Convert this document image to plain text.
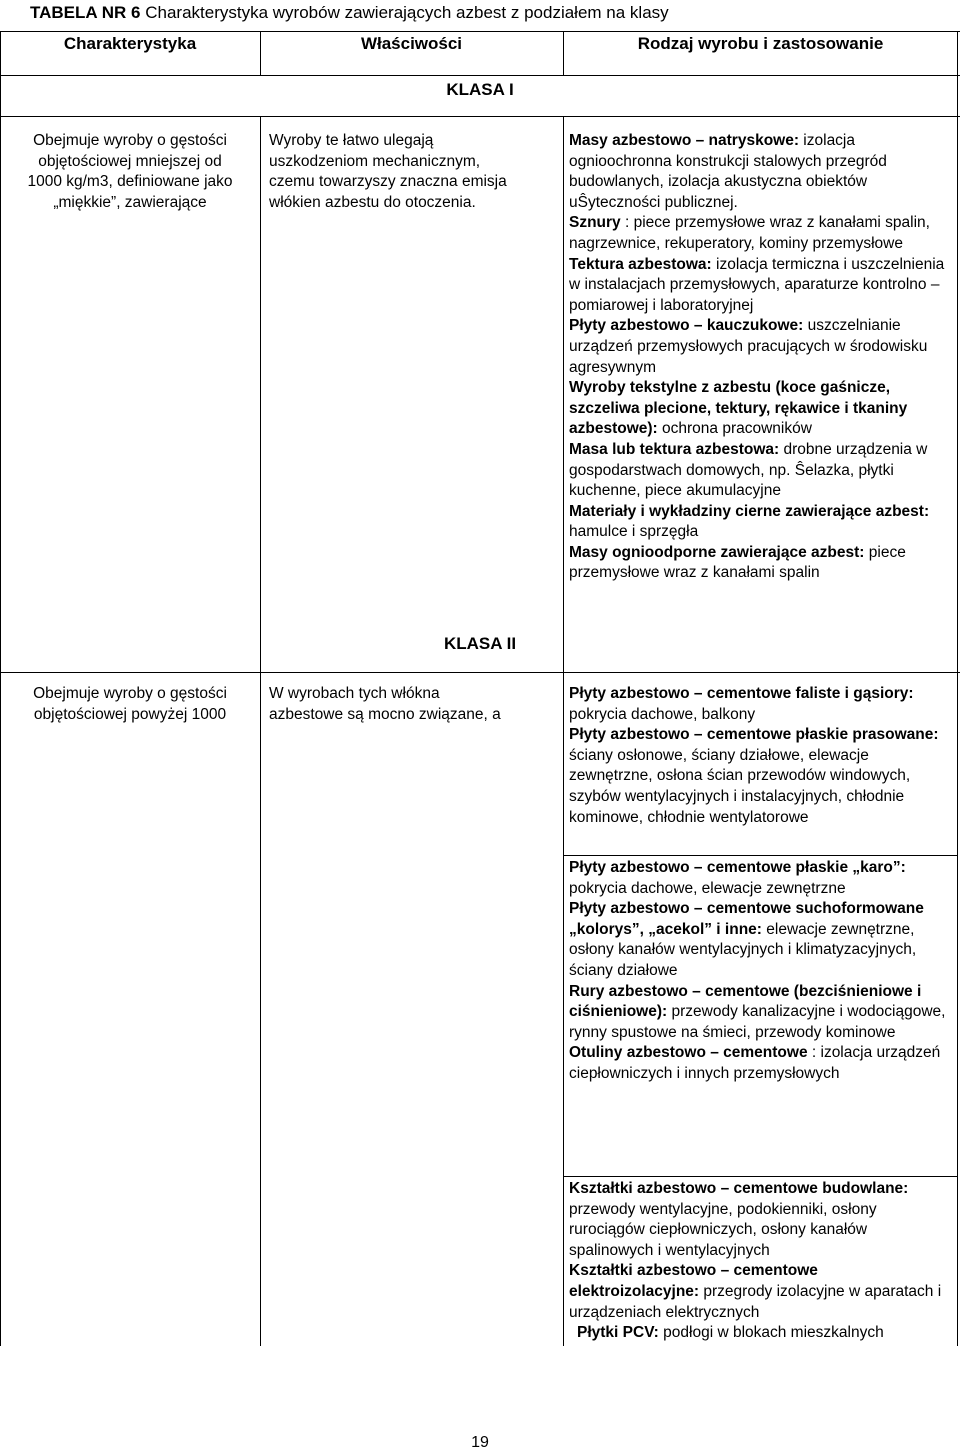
TABELA NR 6 Charakterystyka wyrobów zawierających azbest z podziałem na klasy
Charakterystyka	Właściwości	Rodzaj wyrobu i zastosowanie
KLASA I
Obejmuje wyroby o gęstości
objętościowej mniejszej od
1000 kg/m3, definiowane jako
„miękkie”, zawierające
Wyroby te łatwo ulegają
uszkodzeniom mechanicznym,
czemu towarzyszy znaczna emisja
włókien azbestu do otoczenia.

Masy azbestowo – natryskowe: izolacja ognioochronna konstrukcji stalowych przegród budowlanych, izolacja akustyczna obiektów uŜyteczności publicznej.

Sznury : piece przemysłowe wraz z kanałami spalin, nagrzewnice, rekuperatory, kominy przemysłowe

Tektura azbestowa: izolacja termiczna i uszczelnienia w instalacjach przemysłowych, aparaturze kontrolno – pomiarowej i laboratoryjnej

Płyty azbestowo – kauczukowe: uszczelnianie urządzeń przemysłowych pracujących w środowisku agresywnym

Wyroby tekstylne z azbestu (koce gaśnicze, szczeliwa plecione, tektury, rękawice i tkaniny azbestowe): ochrona pracowników

Masa lub tektura azbestowa: drobne urządzenia w gospodarstwach domowych, np. Ŝelazka, płytki kuchenne, piece akumulacyjne

Materiały i wykładziny cierne zawierające azbest: hamulce i sprzęgła

Masy ognioodporne zawierające azbest: piece przemysłowe wraz z kanałami spalin

KLASA II
Obejmuje wyroby o gęstości
objętościowej powyżej 1000
W wyrobach tych włókna
azbestowe są mocno związane, a

Płyty azbestowo – cementowe faliste i gąsiory: pokrycia dachowe, balkony

Płyty azbestowo – cementowe płaskie prasowane: ściany osłonowe, ściany działowe, elewacje zewnętrzne, osłona ścian przewodów windowych, szybów wentylacyjnych i instalacyjnych, chłodnie kominowe, chłodnie wentylatorowe

Płyty azbestowo – cementowe płaskie „karo”: pokrycia dachowe, elewacje zewnętrzne

Płyty azbestowo – cementowe suchoformowane „kolorys”, „acekol” i inne: elewacje zewnętrzne, osłony kanałów wentylacyjnych i klimatyzacyjnych, ściany działowe

Rury azbestowo – cementowe (bezciśnieniowe i ciśnieniowe): przewody kanalizacyjne i wodociągowe, rynny spustowe na śmieci, przewody kominowe

Otuliny azbestowo – cementowe : izolacja urządzeń ciepłowniczych i innych przemysłowych

Kształtki azbestowo – cementowe budowlane: przewody wentylacyjne, podokienniki, osłony rurociągów ciepłowniczych, osłony kanałów spalinowych i wentylacyjnych

Kształtki azbestowo – cementowe elektroizolacyjne: przegrody izolacyjne w aparatach i urządzeniach elektrycznych

Płytki PCV: podłogi w blokach mieszkalnych

19
